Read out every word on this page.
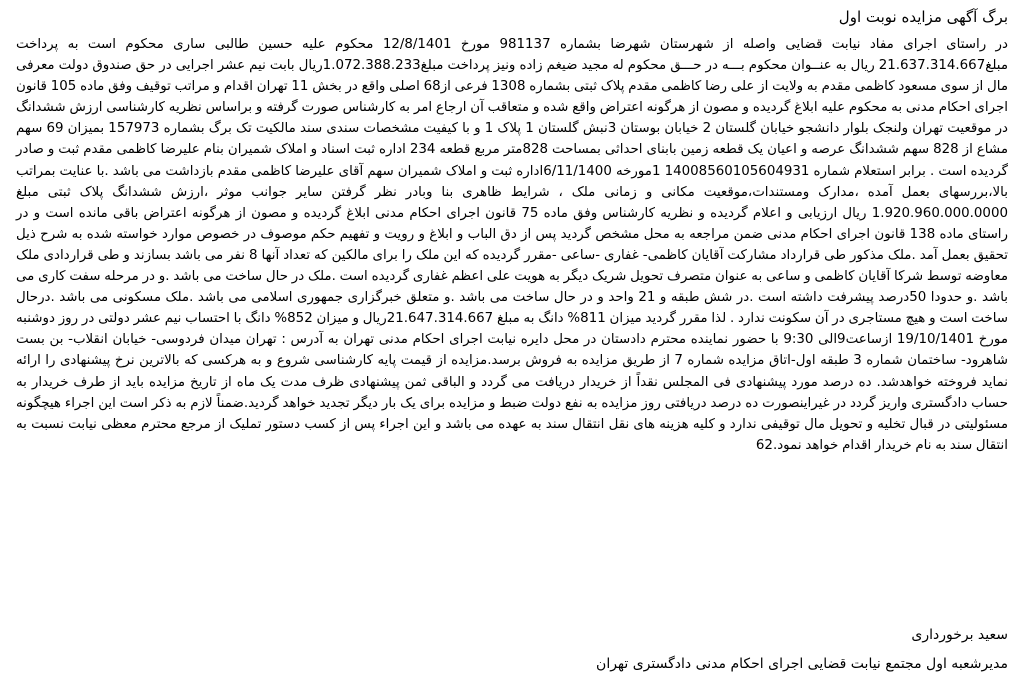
برگ آگهی مزایده نوبت اول
در راستای اجرای مفاد نیابت قضایی واصله از شهرستان شهرضا بشماره 981137 مورخ 12/8/1401 محکوم علیه حسین طالبی ساری محکوم است به پرداخت مبلغ21.637.314.667 ریال به عنــوان محکوم بـــه در حـــق محکوم له مجید ضیغم زاده ونیز پرداخت مبلغ1.072.388.233ریال بابت نیم عشر اجرایی در حق صندوق دولت معرفی مال از سوی مسعود کاظمی مقدم به ولایت از علی رضا کاظمی مقدم پلاک ثبتی بشماره 1308 فرعی از68 اصلی واقع در بخش 11 تهران اقدام و مراتب توقیف وفق ماده 105 قانون اجرای احکام مدنی به محکوم علیه ابلاغ گردیده و مصون از هرگونه اعتراض واقع شده و متعاقب آن ارجاع امر به کارشناس صورت گرفته و براساس نظریه کارشناسی ارزش ششدانگ در موقعیت تهران ولنجک بلوار دانشجو خیابان گلستان 2 خیابان بوستان 3نبش گلستان 1 پلاک 1 و با کیفیت مشخصات سندی سند مالکیت تک برگ بشماره 157973 بمیزان 69 سهم مشاع از 828 سهم ششدانگ عرصه و اعیان یک قطعه زمین بابنای احداثی بمساحت 828متر مربع قطعه 234 اداره ثبت اسناد و املاک شمیران بنام علیرضا کاظمی مقدم ثبت و صادر گردیده است . برابر استعلام شماره 14008560105604931 1مورخه 6/11/1400اداره ثبت و املاک شمیران سهم آقای علیرضا کاظمی مقدم بازداشت می باشد .با عنایت بمراتب بالا،بررسهای بعمل آمده ،مدارک ومستندات،موقعیت مکانی و زمانی ملک ، شرایط ظاهری بنا وبادر نظر گرفتن سایر جوانب موثر ،ارزش ششدانگ پلاک ثبتی مبلغ 1.920.960.000.0000 ریال ارزیابی و اعلام گردیده و نظریه کارشناس وفق ماده 75 قانون اجرای احکام مدنی ابلاغ گردیده و مصون از هرگونه اعتراض باقی مانده است و در راستای ماده 138 قانون اجرای احکام مدنی ضمن مراجعه به محل مشخص گردید پس از دق الباب و ابلاغ و رویت و تفهیم حکم موصوف در خصوص موارد خواسته شده به شرح ذیل تحقیق بعمل آمد .ملک مذکور طی قرارداد مشارکت آقایان کاظمی- غفاری -ساعی -مقرر گردیده که این ملک را برای مالکین که تعداد آنها 8 نفر می باشد بسازند و طی قراردادی ملک معاوضه توسط شرکا آقایان کاظمی و ساعی به عنوان متصرف تحویل شریک دیگر به هویت علی اعظم غفاری گردیده است .ملک در حال ساخت می باشد .و در مرحله سفت کاری می باشد .و حدودا 50درصد پیشرفت داشته است .در شش طبقه و 21 واحد و در حال ساخت می باشد .و متعلق خبرگزاری جمهوری اسلامی می باشد .ملک مسکونی می باشد .درحال ساخت است و هیچ مستاجری در آن سکونت ندارد . لذا مقرر گردید میزان 811% دانگ به مبلغ 21.647.314.667ریال و میزان 852% دانگ با احتساب نیم عشر دولتی در روز دوشنبه مورخ 19/10/1401 ازساعت9الی 9:30 با حضور نماینده محترم دادستان در محل دایره نیابت اجرای احکام مدنی تهران به آدرس : تهران میدان فردوسی- خیابان انقلاب- بن بست شاهرود- ساختمان شماره 3 طبقه اول-اتاق مزایده شماره 7 از طریق مزایده به فروش برسد.مزایده از قیمت پایه کارشناسی شروع و به هرکسی که بالاترین نرخ پیشنهادی را ارائه نماید فروخته خواهدشد. ده درصد مورد پیشنهادی فی المجلس نقداً از خریدار دریافت می گردد و الباقی ثمن پیشنهادی ظرف مدت یک ماه از تاریخ مزایده باید از طرف خریدار به حساب دادگستری واریز گردد در غیراینصورت ده درصد دریافتی روز مزایده به نفع دولت ضبط و مزایده برای یک بار دیگر تجدید خواهد گردید.ضمناً لازم به ذکر است این اجراء هیچگونه مسئولیتی در قبال تخلیه و تحویل مال توقیفی ندارد و کلیه هزینه های نقل انتقال سند به عهده می باشد و این اجراء پس از کسب دستور تملیک از مرجع محترم معظی نیابت نسبت به انتقال سند به نام خریدار اقدام خواهد نمود.62
سعید برخورداری
مدیرشعبه اول مجتمع نیابت قضایی اجرای احکام مدنی دادگستری تهران
